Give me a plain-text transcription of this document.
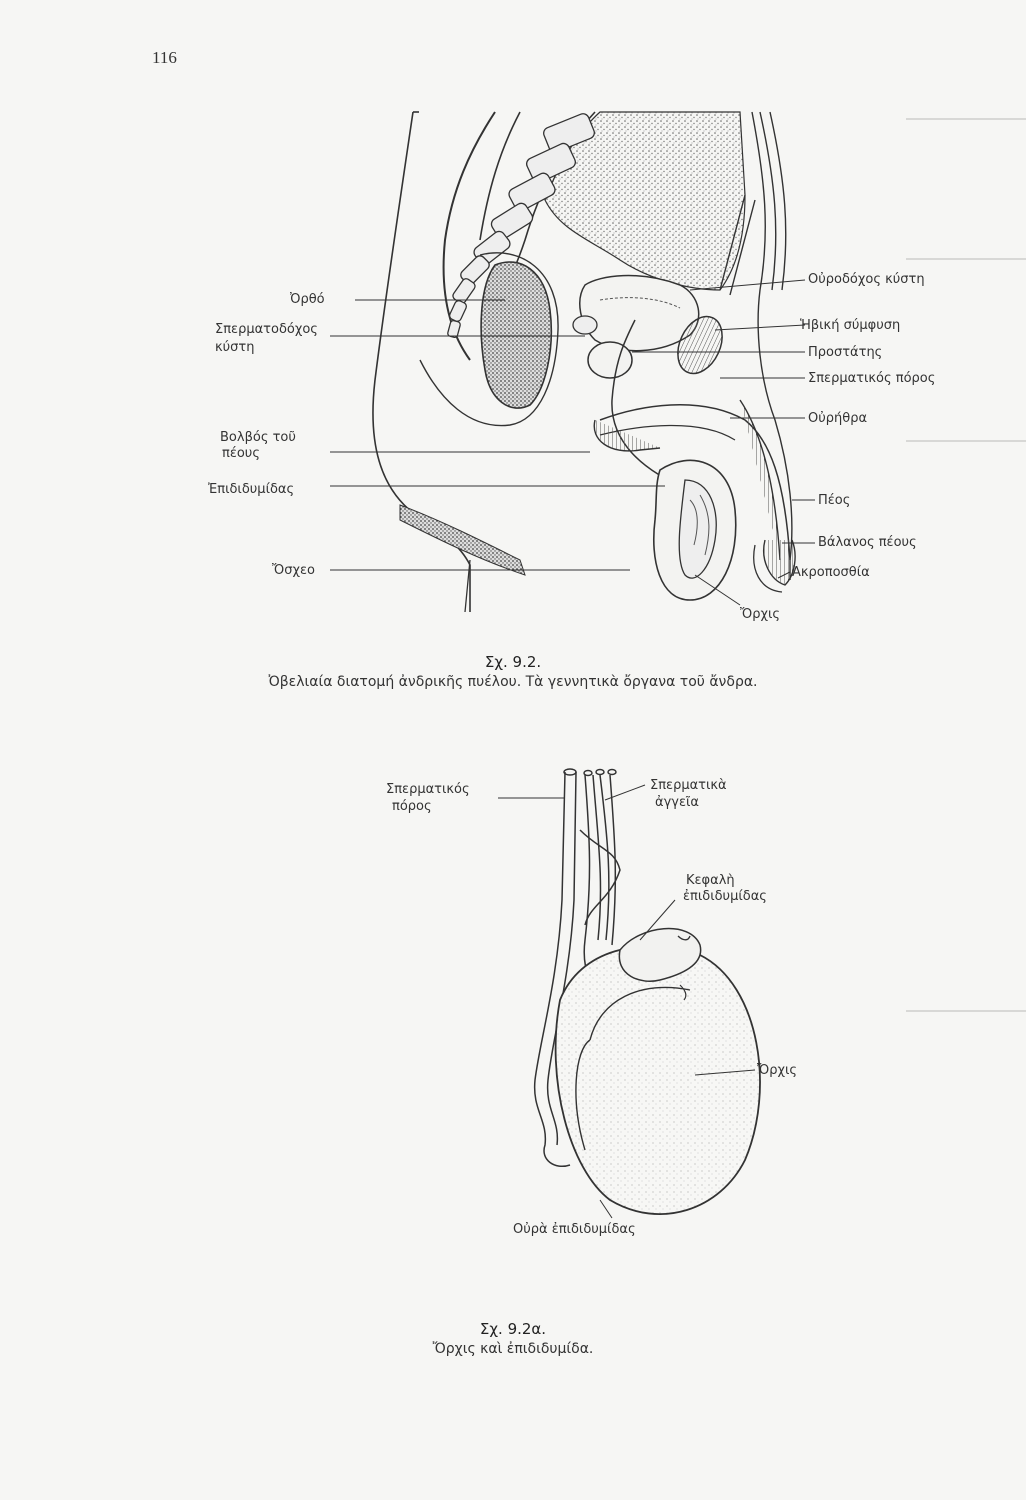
116
Ὀρθό
Σπερματοδόχος
κύστη
Βολβός τοῦ
πέους
Ἐπιδιδυμίδας
Ὄσχεο
Οὐροδόχος κύστη
Ἡβική σύμφυση
Προστάτης
Σπερματικός πόρος
Οὐρήθρα
Πέος
Βάλανος πέους
Ἀκροποσθία
Ὄρχις
Σχ. 9.2.
Ὀβελιαία διατομή ἀνδρικῆς πυέλου. Τὰ γεννητικὰ ὄργανα τοῦ ἄνδρα.
Σπερματικός
πόρος
Σπερματικὰ
ἀγγεῖα
Κεφαλὴ
ἐπιδιδυμίδας
Ὄρχις
Οὐρὰ ἐπιδιδυμίδας
Σχ. 9.2α.
Ὄρχις καὶ ἐπιδιδυμίδα.
